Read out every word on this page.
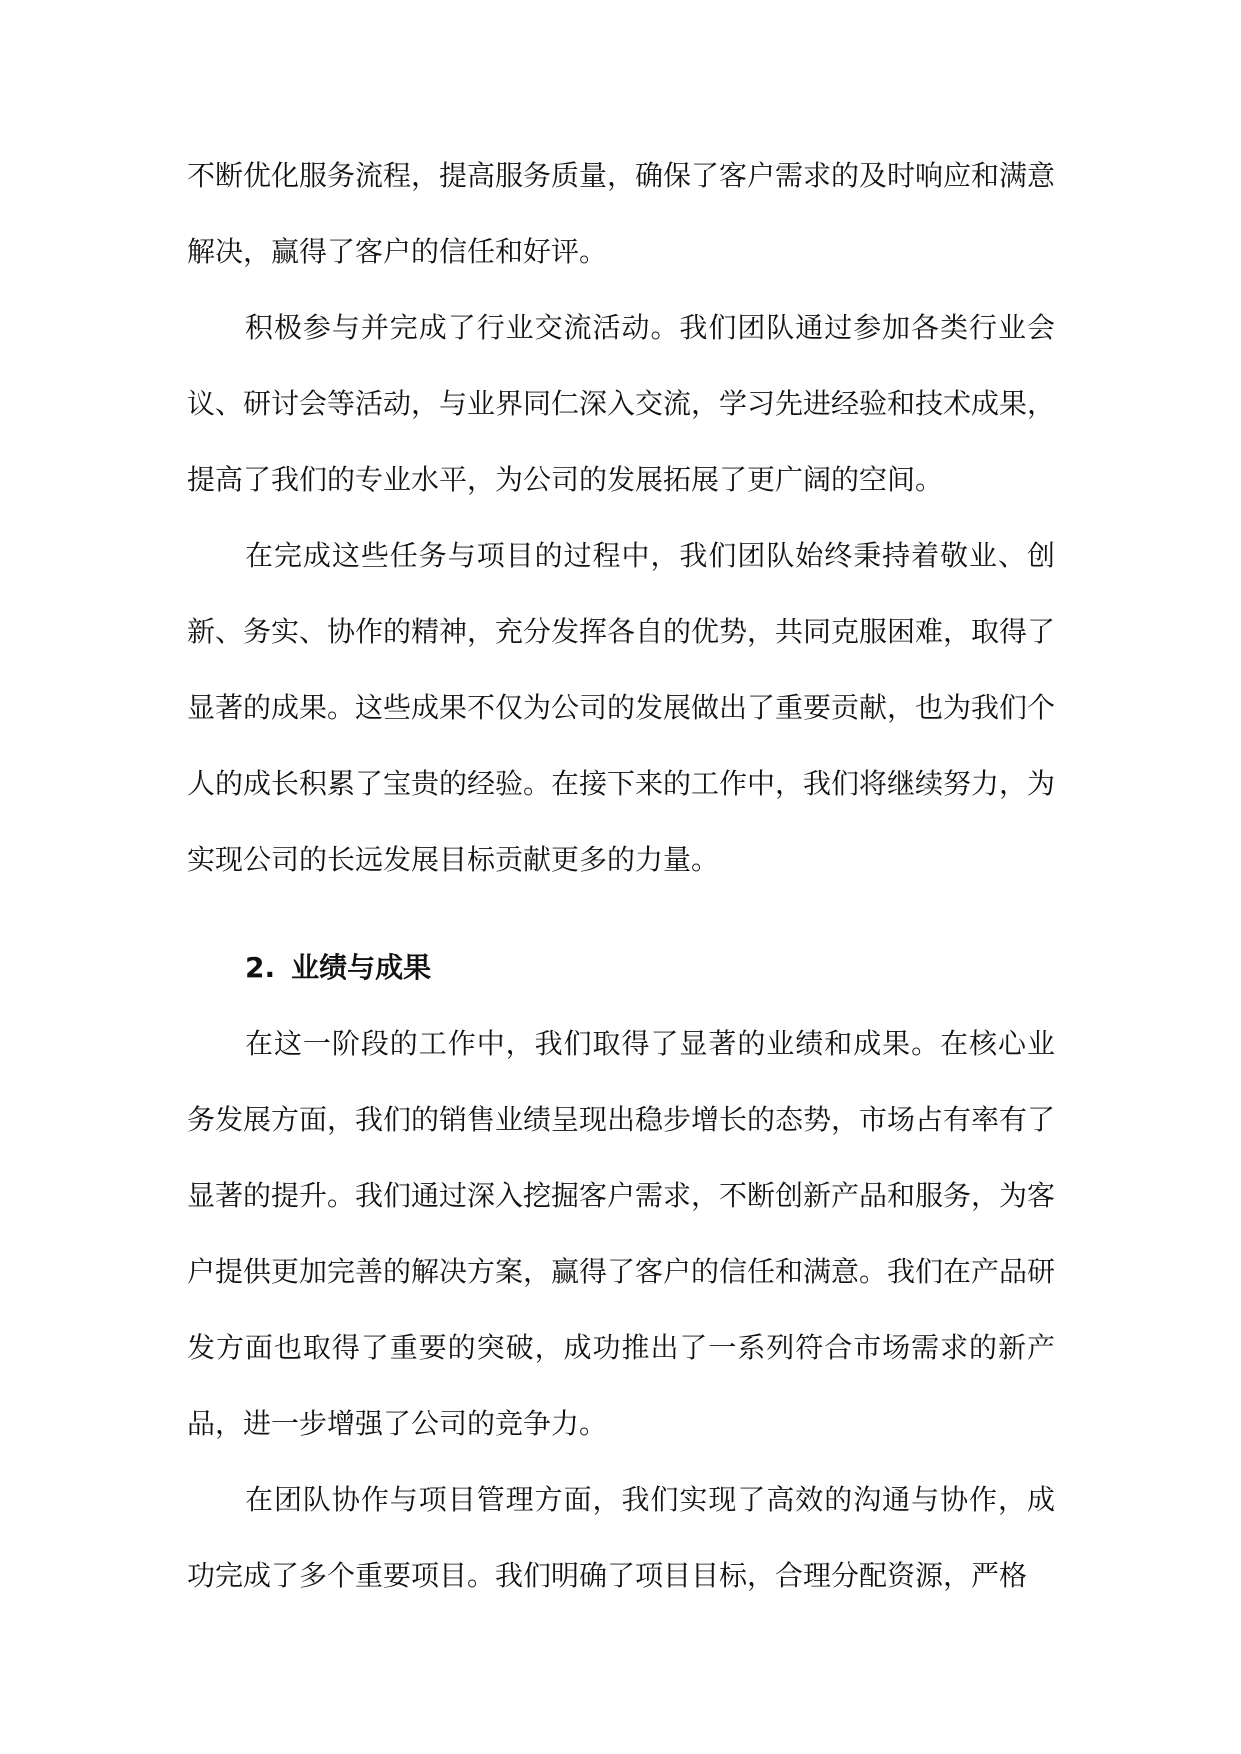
不断优化服务流程，提高服务质量，确保了客户需求的及时响应和满意解决，赢得了客户的信任和好评。

积极参与并完成了行业交流活动。我们团队通过参加各类行业会议、研讨会等活动，与业界同仁深入交流，学习先进经验和技术成果，提高了我们的专业水平，为公司的发展拓展了更广阔的空间。

在完成这些任务与项目的过程中，我们团队始终秉持着敬业、创新、务实、协作的精神，充分发挥各自的优势，共同克服困难，取得了显著的成果。这些成果不仅为公司的发展做出了重要贡献，也为我们个人的成长积累了宝贵的经验。在接下来的工作中，我们将继续努力，为实现公司的长远发展目标贡献更多的力量。

2. 业绩与成果

在这一阶段的工作中，我们取得了显著的业绩和成果。在核心业务发展方面，我们的销售业绩呈现出稳步增长的态势，市场占有率有了显著的提升。我们通过深入挖掘客户需求，不断创新产品和服务，为客户提供更加完善的解决方案，赢得了客户的信任和满意。我们在产品研发方面也取得了重要的突破，成功推出了一系列符合市场需求的新产品，进一步增强了公司的竞争力。

在团队协作与项目管理方面，我们实现了高效的沟通与协作，成功完成了多个重要项目。我们明确了项目目标，合理分配资源，严格
